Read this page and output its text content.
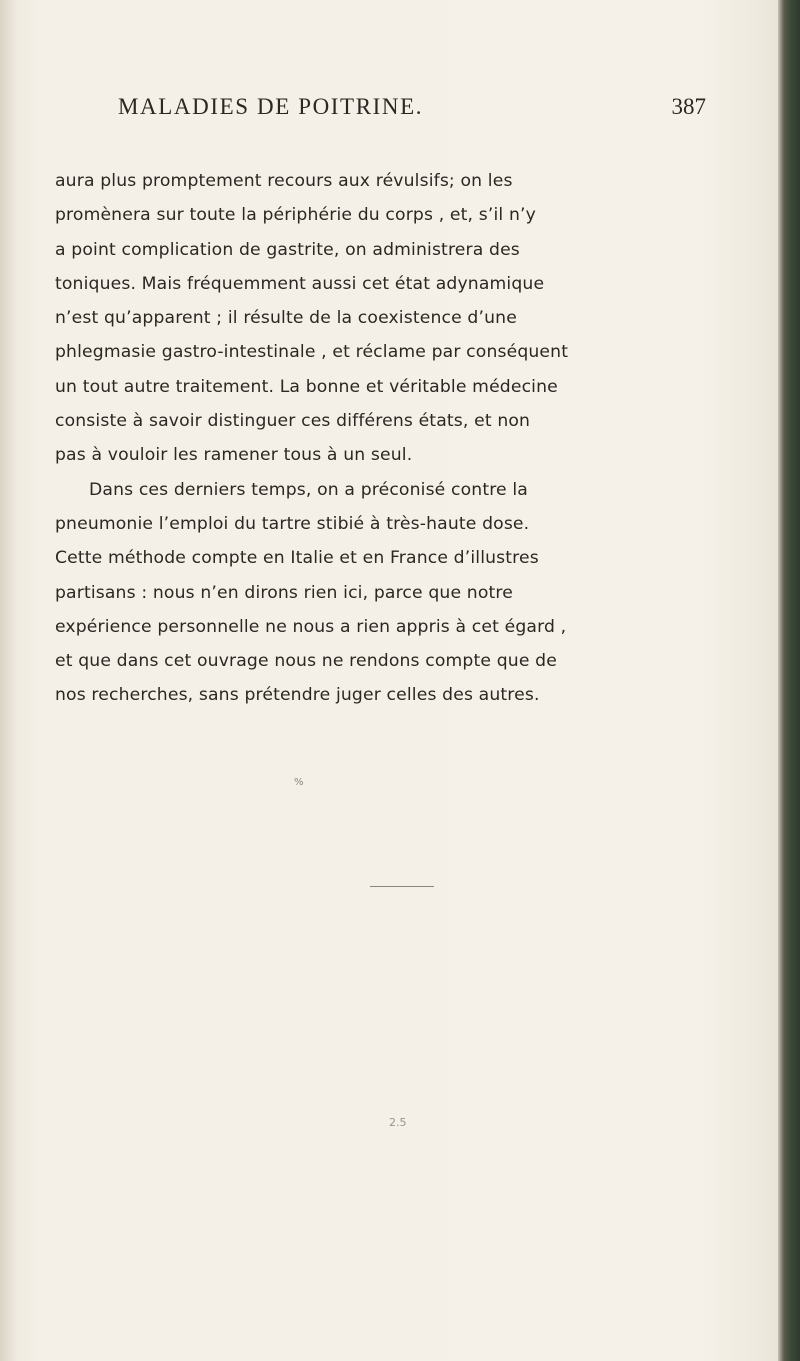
MALADIES DE POITRINE.	387
aura plus promptement recours aux révulsifs; on les
promènera sur toute la périphérie du corps , et, s’il n’y
a point complication de gastrite, on administrera des
toniques. Mais fréquemment aussi cet état adynamique
n’est qu’apparent ; il résulte de la coexistence d’une
phlegmasie gastro-intestinale , et réclame par conséquent
un tout autre traitement. La bonne et véritable médecine
consiste à savoir distinguer ces différens états, et non
pas à vouloir les ramener tous à un seul.
Dans ces derniers temps, on a préconisé contre la
pneumonie l’emploi du tartre stibié à très-haute dose.
Cette méthode compte en Italie et en France d’illustres
partisans : nous n’en dirons rien ici, parce que notre
expérience personnelle ne nous a rien appris à cet égard ,
et que dans cet ouvrage nous ne rendons compte que de
nos recherches, sans prétendre juger celles des autres.
%
2.5
